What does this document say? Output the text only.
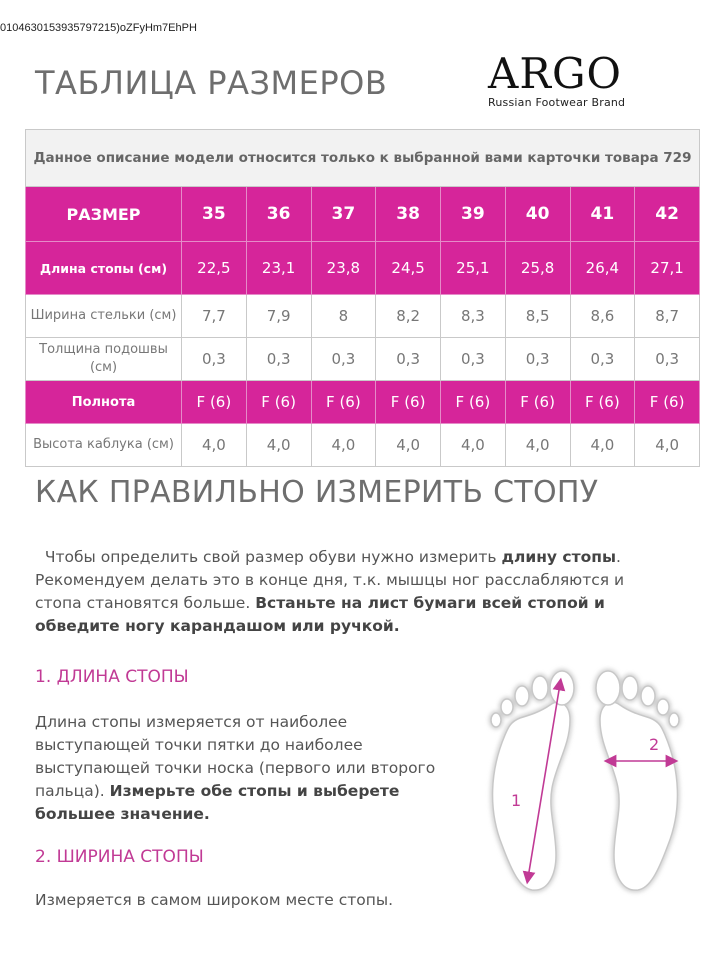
0104630153935797215)oZFyHm7EhPH
ТАБЛИЦА РАЗМЕРОВ ARGO
Russian Footwear Brand
Данное описание модели относится только к выбранной вами карточки товара 729								
РАЗМЕР	35	36	37	38	39	40	41	42
Длина стопы (см)	22,5	23,1	23,8	24,5	25,1	25,8	26,4	27,1
Ширина стельки (см)	7,7	7,9	8	8,2	8,3	8,5	8,6	8,7
Толщина подошвы (см)	0,3	0,3	0,3	0,3	0,3	0,3	0,3	0,3
Полнота	F (6)	F (6)	F (6)	F (6)	F (6)	F (6)	F (6)	F (6)
Высота каблука (см)	4,0	4,0	4,0	4,0	4,0	4,0	4,0	4,0
КАК ПРАВИЛЬНО ИЗМЕРИТЬ СТОПУ

Чтобы определить свой размер обуви нужно измерить длину стопы. Рекомендуем делать это в конце дня, т.к. мышцы ног расслабляются и стопа становятся больше. Встаньте на лист бумаги всей стопой и обведите ногу карандашом или ручкой.

1. ДЛИНА СТОПЫ

Длина стопы измеряется от наиболее выступающей точки пятки до наиболее выступающей точки носка (первого или второго пальца). Измерьте обе стопы и выберете большее значение.

2. ШИРИНА СТОПЫ

Измеряется в самом широком месте стопы.

1
2
